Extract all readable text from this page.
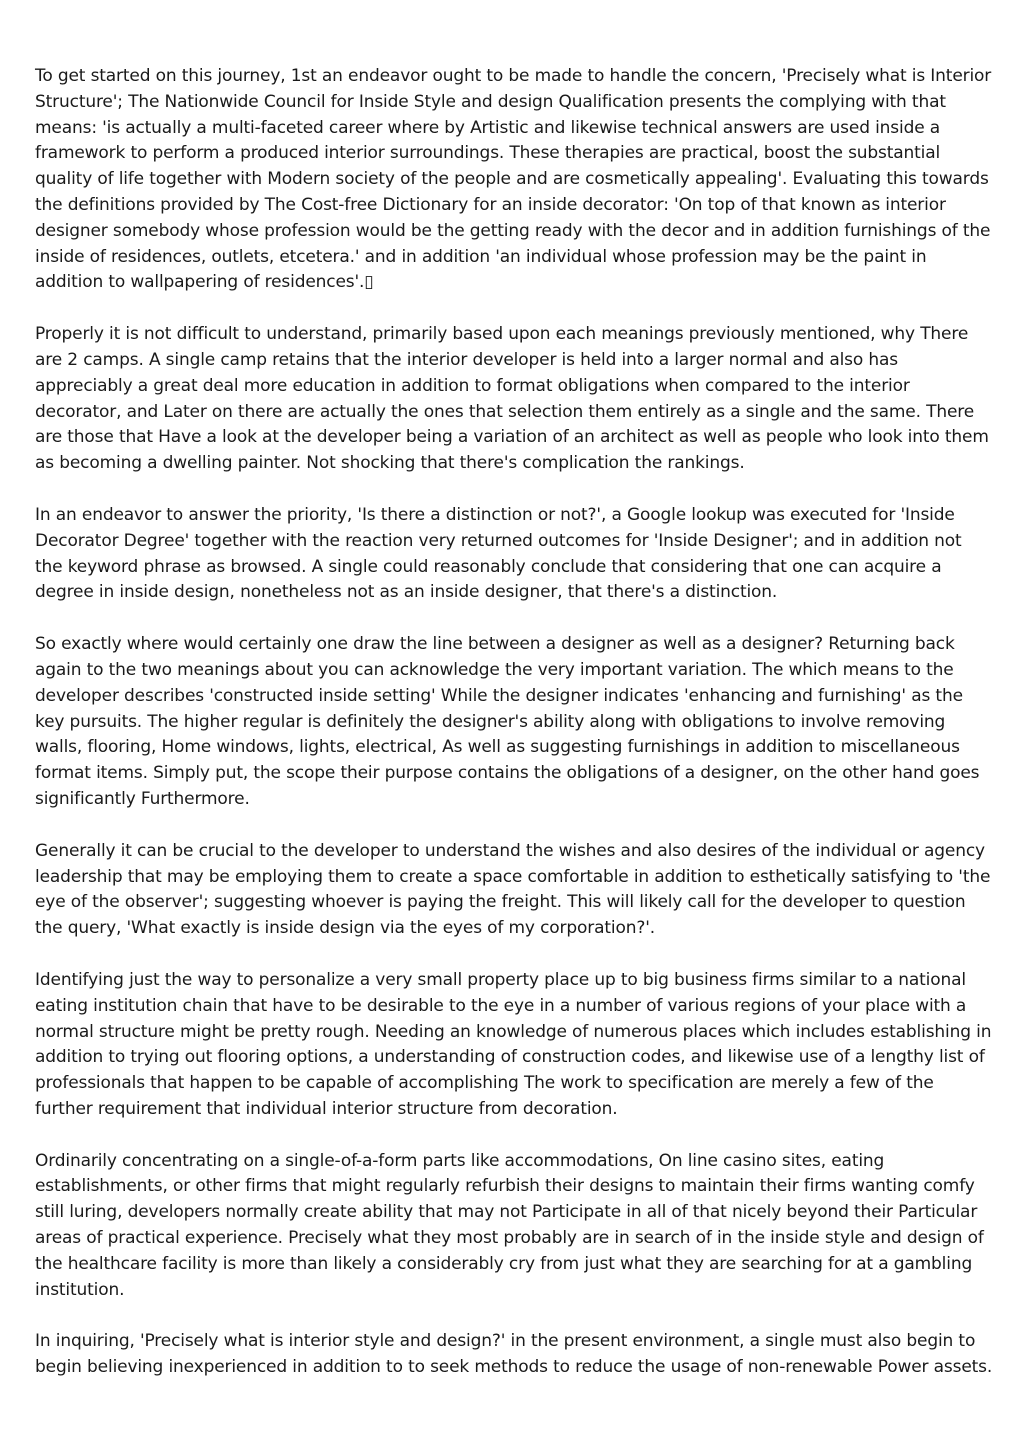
To get started on this journey, 1st an endeavor ought to be made to handle the concern, 'Precisely what is Interior Structure'; The Nationwide Council for Inside Style and design Qualification presents the complying with that means: 'is actually a multi-faceted career where by Artistic and likewise technical answers are used inside a framework to perform a produced interior surroundings. These therapies are practical, boost the substantial quality of life together with Modern society of the people and are cosmetically appealing'. Evaluating this towards the definitions provided by The Cost-free Dictionary for an inside decorator: 'On top of that known as interior designer somebody whose profession would be the getting ready with the decor and in addition furnishings of the inside of residences, outlets, etcetera.' and in addition 'an individual whose profession may be the paint in addition to wallpapering of residences'.▯

Properly it is not difficult to understand, primarily based upon each meanings previously mentioned, why There are 2 camps. A single camp retains that the interior developer is held into a larger normal and also has appreciably a great deal more education in addition to format obligations when compared to the interior decorator, and Later on there are actually the ones that selection them entirely as a single and the same. There are those that Have a look at the developer being a variation of an architect as well as people who look into them as becoming a dwelling painter. Not shocking that there's complication the rankings.

In an endeavor to answer the priority, 'Is there a distinction or not?', a Google lookup was executed for 'Inside Decorator Degree' together with the reaction very returned outcomes for 'Inside Designer'; and in addition not the keyword phrase as browsed. A single could reasonably conclude that considering that one can acquire a degree in inside design, nonetheless not as an inside designer, that there's a distinction.

So exactly where would certainly one draw the line between a designer as well as a designer? Returning back again to the two meanings about you can acknowledge the very important variation. The which means to the developer describes 'constructed inside setting' While the designer indicates 'enhancing and furnishing' as the key pursuits. The higher regular is definitely the designer's ability along with obligations to involve removing walls, flooring, Home windows, lights, electrical, As well as suggesting furnishings in addition to miscellaneous format items. Simply put, the scope their purpose contains the obligations of a designer, on the other hand goes significantly Furthermore.

Generally it can be crucial to the developer to understand the wishes and also desires of the individual or agency leadership that may be employing them to create a space comfortable in addition to esthetically satisfying to 'the eye of the observer'; suggesting whoever is paying the freight. This will likely call for the developer to question the query, 'What exactly is inside design via the eyes of my corporation?'.

Identifying just the way to personalize a very small property place up to big business firms similar to a national eating institution chain that have to be desirable to the eye in a number of various regions of your place with a normal structure might be pretty rough. Needing an knowledge of numerous places which includes establishing in addition to trying out flooring options, a understanding of construction codes, and likewise use of a lengthy list of professionals that happen to be capable of accomplishing The work to specification are merely a few of the further requirement that individual interior structure from decoration.

Ordinarily concentrating on a single-of-a-form parts like accommodations, On line casino sites, eating establishments, or other firms that might regularly refurbish their designs to maintain their firms wanting comfy still luring, developers normally create ability that may not Participate in all of that nicely beyond their Particular areas of practical experience. Precisely what they most probably are in search of in the inside style and design of the healthcare facility is more than likely a considerably cry from just what they are searching for at a gambling institution.

In inquiring, 'Precisely what is interior style and design?' in the present environment, a single must also begin to begin believing inexperienced in addition to to seek methods to reduce the usage of non-renewable Power assets.
